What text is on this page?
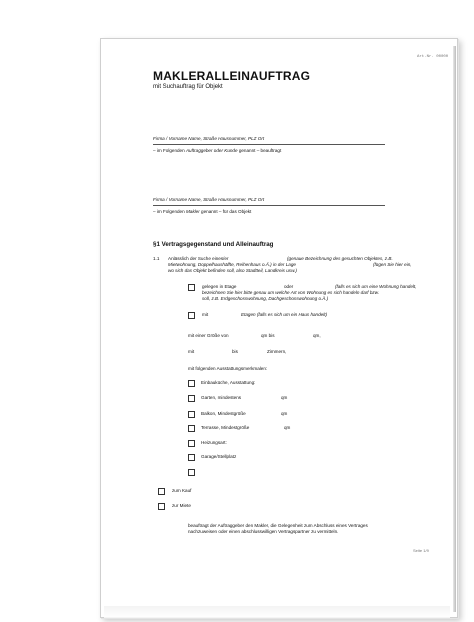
Art.Nr. 00000
MAKLERALLEINAUFTRAG
mit Suchauftrag für Objekt
Firma / Vorname Name, Straße Hausnummer, PLZ Ort
– im Folgenden Auftraggeber oder Kunde genannt – beauftragt
Firma / Vorname Name, Straße Hausnummer, PLZ Ort
– im Folgenden Makler genannt – für das Objekt
§1 Vertragsgegenstand und Alleinauftrag
1.1 Anlässlich der Suche eines/er	(genaue Bezeichnung des gesuchten Objektes, z.B.
Mietwohnung, Doppelhaushälfte, Reihenhaus o.Ä.) in der Lage	(fügen Sie hier ein,
wo sich das Objekt befinden soll, also Stadtteil, Landkreis usw.)
gelegen in Etage	oder	(falls es sich um eine Wohnung handelt,
bezeichnen Sie hier bitte genau um welche Art von Wohnung es sich handeln darf bzw.
soll, z.B. Erdgeschosswohnung, Dachgeschosswohnung o.Ä.)
mit	Etagen (falls es sich um ein Haus handelt)
mit einer Größe von	qm bis	qm,
mit	bis	Zimmern,
mit folgenden Ausstattungsmerkmalen:
Einbauküche, Ausstattung:
Garten, mindestens	qm
Balkon, Mindestgröße	qm
Terrasse, Mindestgröße	qm
Heizungsart:
Garage/Stellplatz
zum Kauf
zur Miete
beauftragt der Auftraggeber den Makler, die Gelegenheit zum Abschluss eines Vertrages
nachzuweisen oder einen abschlusswilligen Vertragspartner zu vermitteln.
Seite 1/9
